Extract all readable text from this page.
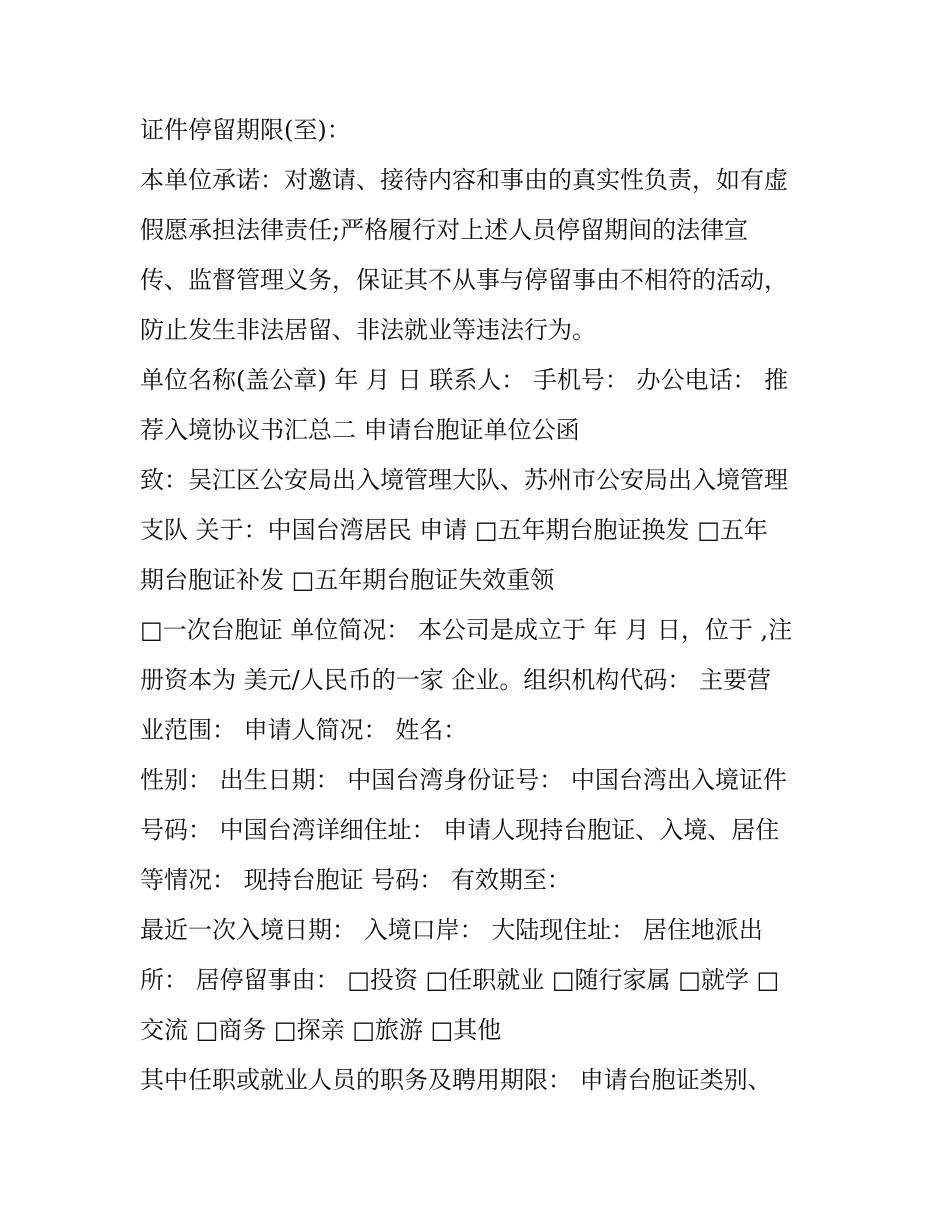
证件停留期限(至)：
本单位承诺：对邀请、接待内容和事由的真实性负责，如有虚
假愿承担法律责任;严格履行对上述人员停留期间的法律宣
传、监督管理义务，保证其不从事与停留事由不相符的活动，
防止发生非法居留、非法就业等违法行为。
单位名称(盖公章) 年 月 日 联系人： 手机号： 办公电话： 推
荐入境协议书汇总二 申请台胞证单位公函
致：吴江区公安局出入境管理大队、苏州市公安局出入境管理
支队 关于：中国台湾居民 申请 □五年期台胞证换发 □五年
期台胞证补发 □五年期台胞证失效重领
□一次台胞证 单位简况： 本公司是成立于 年 月 日，位于 ,注
册资本为 美元/人民币的一家 企业。组织机构代码： 主要营
业范围： 申请人简况： 姓名：
性别： 出生日期： 中国台湾身份证号： 中国台湾出入境证件
号码： 中国台湾详细住址： 申请人现持台胞证、入境、居住
等情况： 现持台胞证 号码： 有效期至：
最近一次入境日期： 入境口岸： 大陆现住址： 居住地派出
所： 居停留事由： □投资 □任职就业 □随行家属 □就学 □
交流 □商务 □探亲 □旅游 □其他
其中任职或就业人员的职务及聘用期限： 申请台胞证类别、
